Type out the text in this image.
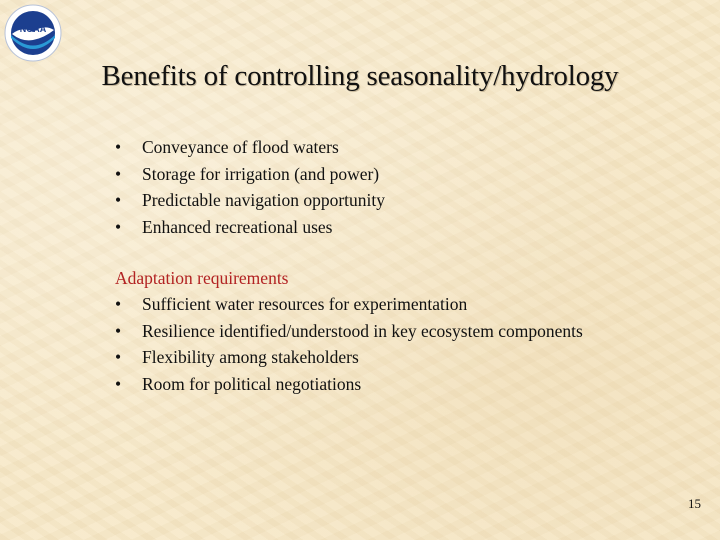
NOAA
Benefits of controlling seasonality/hydrology
• Conveyance of flood waters
• Storage for irrigation (and power)
• Predictable navigation opportunity
• Enhanced recreational uses
Adaptation requirements
• Sufficient water resources for experimentation
• Resilience identified/understood in key ecosystem components
• Flexibility among stakeholders
• Room for political negotiations
15
